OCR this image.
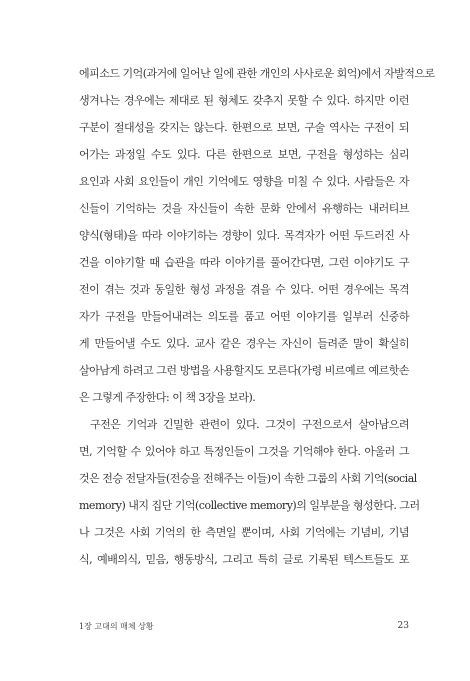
에피소드 기억(과거에 일어난 일에 관한 개인의 사사로운 회억)에서 자발적으로
생겨나는 경우에는 제대로 된 형체도 갖추지 못할 수 있다. 하지만 이런
구분이 절대성을 갖지는 않는다. 한편으로 보면, 구술 역사는 구전이 되
어가는 과정일 수도 있다. 다른 한편으로 보면, 구전을 형성하는 심리
요인과 사회 요인들이 개인 기억에도 영향을 미칠 수 있다. 사람들은 자
신들이 기억하는 것을 자신들이 속한 문화 안에서 유행하는 내러티브
양식(형태)을 따라 이야기하는 경향이 있다. 목격자가 어떤 두드러진 사
건을 이야기할 때 습관을 따라 이야기를 풀어간다면, 그런 이야기도 구
전이 겪는 것과 동일한 형성 과정을 겪을 수 있다. 어떤 경우에는 목격
자가 구전을 만들어내려는 의도를 품고 어떤 이야기를 일부러 신중하
게 만들어낼 수도 있다. 교사 같은 경우는 자신이 들려준 말이 확실히
살아남게 하려고 그런 방법을 사용할지도 모른다(가령 비르예르 예르핫손
은 그렇게 주장한다: 이 책 3장을 보라).
구전은 기억과 긴밀한 관련이 있다. 그것이 구전으로서 살아남으려
면, 기억할 수 있어야 하고 특정인들이 그것을 기억해야 한다. 아울러 그
것은 전승 전달자들(전승을 전해주는 이들)이 속한 그룹의 사회 기억(social
memory) 내지 집단 기억(collective memory)의 일부분을 형성한다. 그러
나 그것은 사회 기억의 한 측면일 뿐이며, 사회 기억에는 기념비, 기념
식, 예배의식, 믿음, 행동방식, 그리고 특히 글로 기록된 텍스트들도 포
1장 고대의 매체 상황	23
